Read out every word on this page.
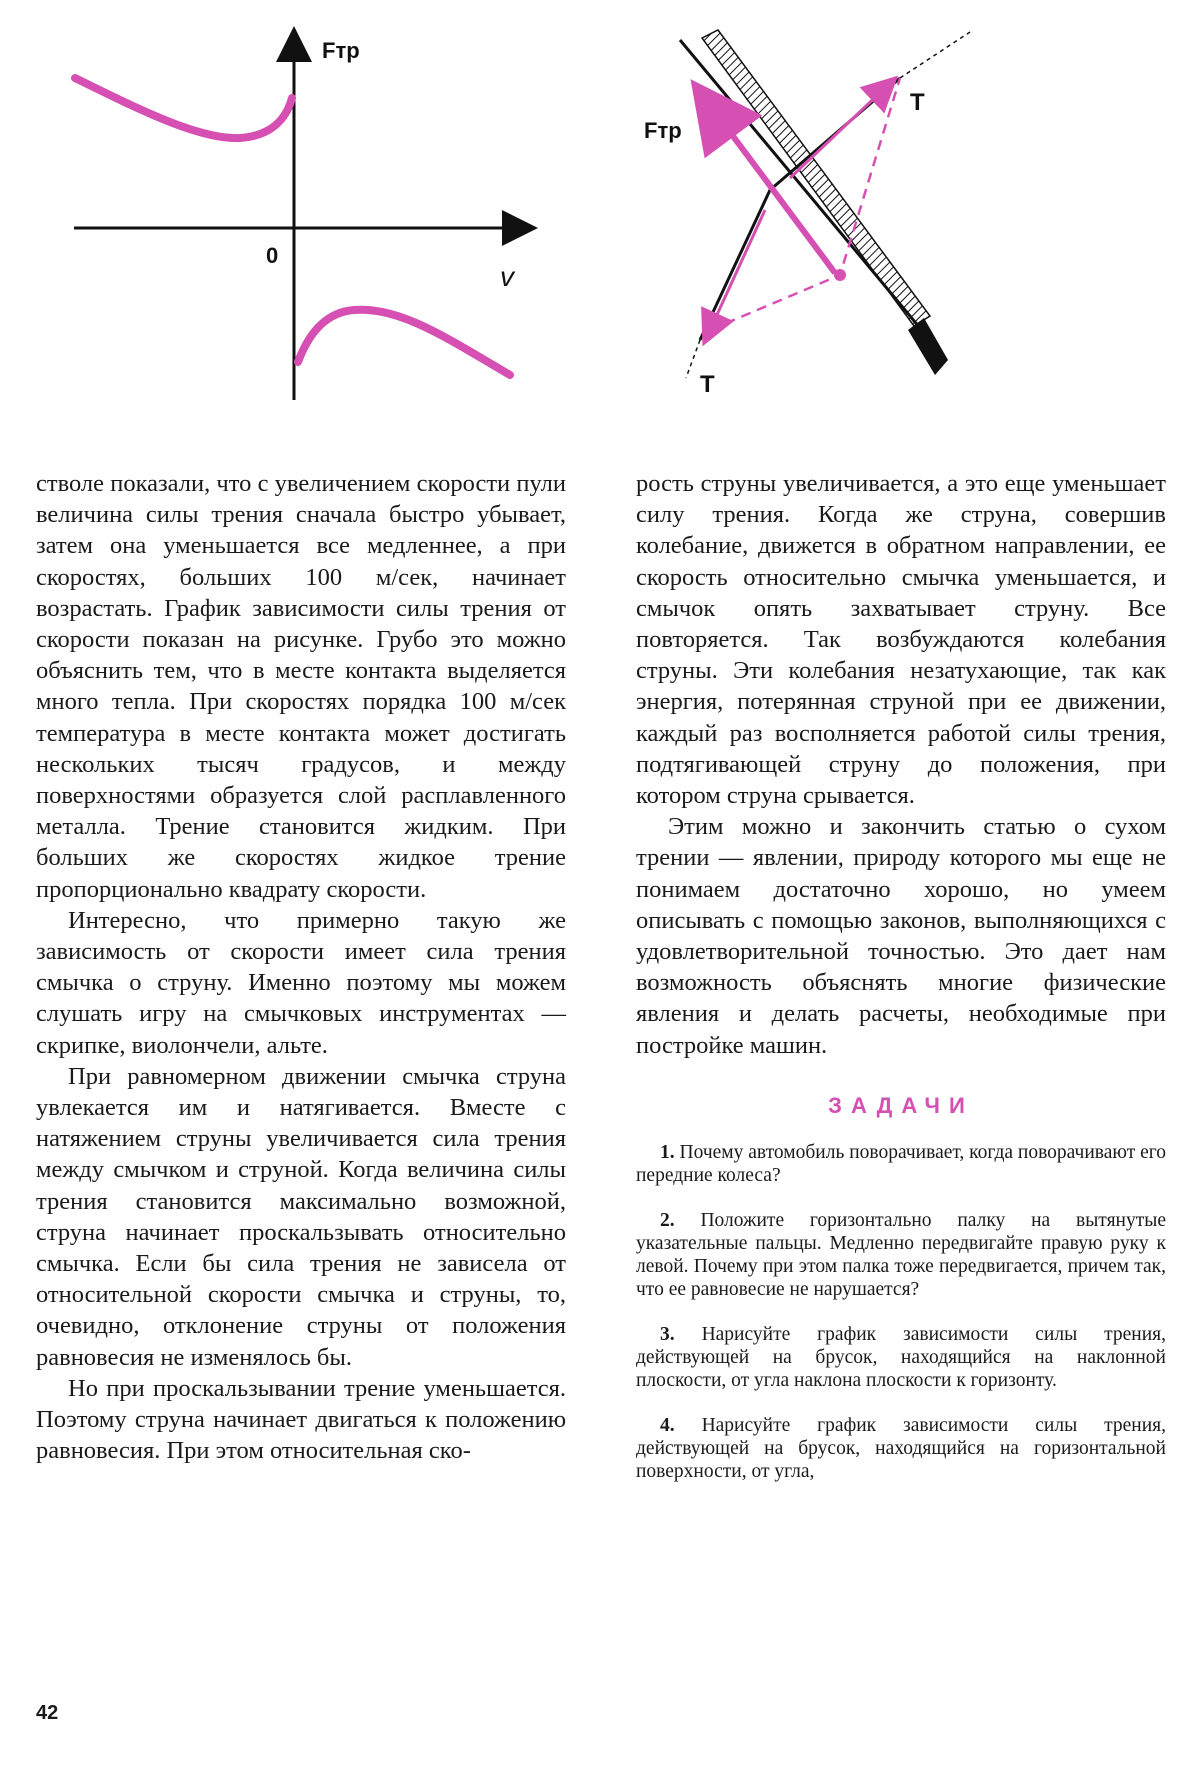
Fтр
0
v
Fтр
T
T

стволе показали, что с увеличением скорости пули величина силы трения сначала быстро убывает, затем она уменьшается все медленнее, а при скоростях, больших 100 м/сек, начинает возрастать. График зависимости силы трения от скорости показан на рисунке. Грубо это можно объяснить тем, что в месте контакта выделяется много тепла. При скоростях порядка 100 м/сек температура в месте контакта может достигать нескольких тысяч градусов, и между поверхностями образуется слой расплавленного металла. Трение становится жидким. При больших же скоростях жидкое трение пропорционально квадрату скорости.

Интересно, что примерно такую же зависимость от скорости имеет сила трения смычка о струну. Именно поэтому мы можем слушать игру на смычковых инструментах — скрипке, виолончели, альте.

При равномерном движении смычка струна увлекается им и натягивается. Вместе с натяжением струны увеличивается сила трения между смычком и струной. Когда величина силы трения становится максимально возможной, струна начинает проскальзывать относительно смычка. Если бы сила трения не зависела от относительной скорости смычка и струны, то, очевидно, отклонение струны от положения равновесия не изменялось бы.

Но при проскальзывании трение уменьшается. Поэтому струна начинает двигаться к положению равновесия. При этом относительная ско-

рость струны увеличивается, а это еще уменьшает силу трения. Когда же струна, совершив колебание, движется в обратном направлении, ее скорость относительно смычка уменьшается, и смычок опять захватывает струну. Все повторяется. Так возбуждаются колебания струны. Эти колебания незатухающие, так как энергия, потерянная струной при ее движении, каждый раз восполняется работой силы трения, подтягивающей струну до положения, при котором струна срывается.

Этим можно и закончить статью о сухом трении — явлении, природу которого мы еще не понимаем достаточно хорошо, но умеем описывать с помощью законов, выполняющихся с удовлетворительной точностью. Это дает нам возможность объяснять многие физические явления и делать расчеты, необходимые при постройке машин.

ЗАДАЧИ

1. Почему автомобиль поворачивает, когда поворачивают его передние колеса?

2. Положите горизонтально палку на вытянутые указательные пальцы. Медленно передвигайте правую руку к левой. Почему при этом палка тоже передвигается, причем так, что ее равновесие не нарушается?

3. Нарисуйте график зависимости силы трения, действующей на брусок, находящийся на наклонной плоскости, от угла наклона плоскости к горизонту.

4. Нарисуйте график зависимости силы трения, действующей на брусок, находящийся на горизонтальной поверхности, от угла,

42
